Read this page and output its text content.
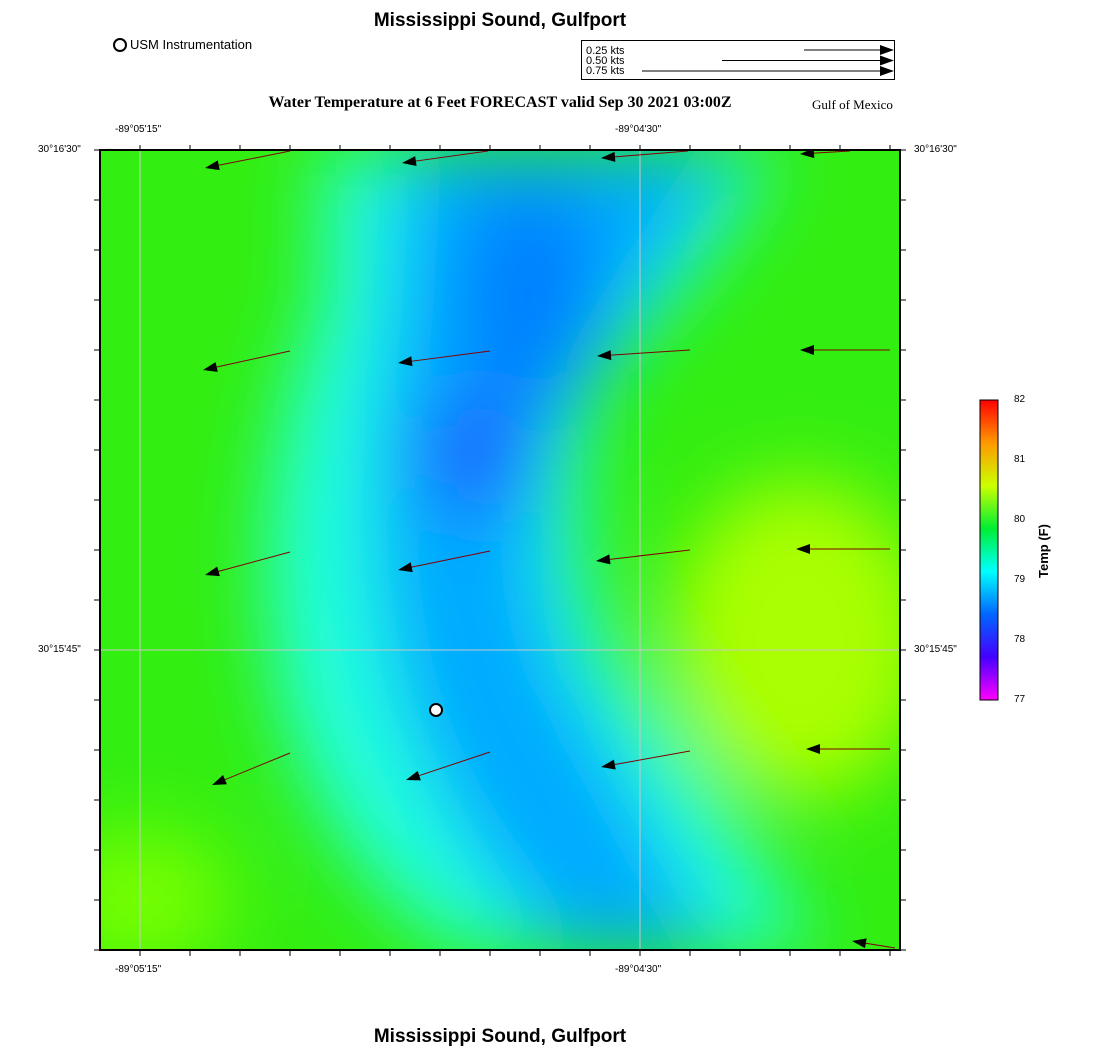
Mississippi Sound, Gulfport
USM Instrumentation	0.25 kts
0.50 kts
0.75 kts
Water Temperature at 6 Feet FORECAST valid Sep 30 2021 03:00Z	Gulf of Mexico
-89°05'15"	-89°04'30"
-89°05'15"	-89°04'30"
30°16'30"
30°15'45"
30°16'30"
30°15'45"
82
81
80
79
78
77
Temp (F)
Mississippi Sound, Gulfport
